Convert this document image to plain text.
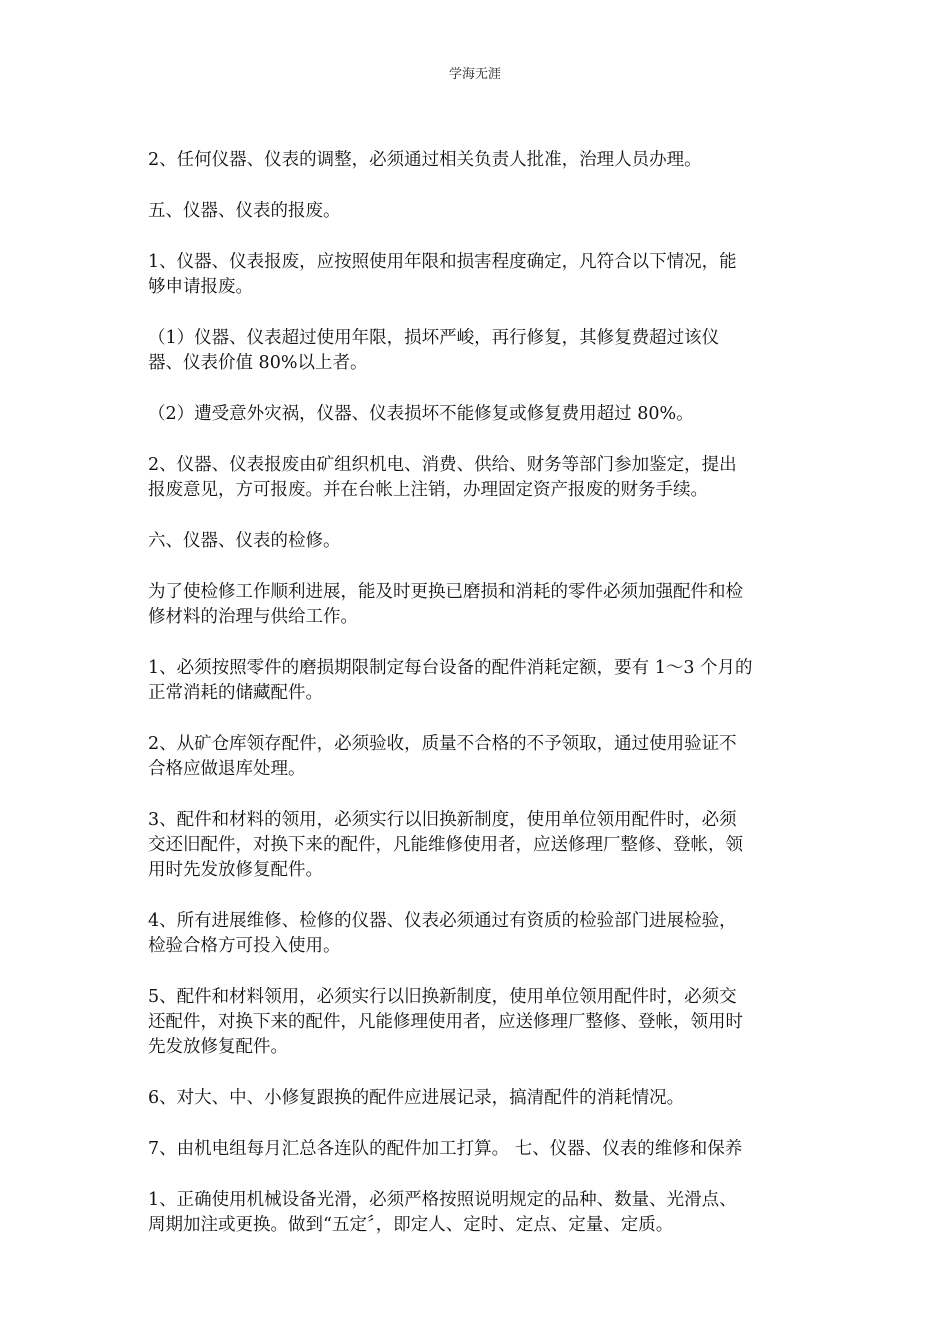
学海无涯

2、任何仪器、仪表的调整，必须通过相关负责人批准，治理人员办理。

五、仪器、仪表的报废。

1、仪器、仪表报废，应按照使用年限和损害程度确定，凡符合以下情况，能
够申请报废。

（1）仪器、仪表超过使用年限，损坏严峻，再行修复，其修复费超过该仪
器、仪表价值 80%以上者。

（2）遭受意外灾祸，仪器、仪表损坏不能修复或修复费用超过 80%。

2、仪器、仪表报废由矿组织机电、消费、供给、财务等部门参加鉴定，提出
报废意见，方可报废。并在台帐上注销，办理固定资产报废的财务手续。

六、仪器、仪表的检修。

为了使检修工作顺利进展，能及时更换已磨损和消耗的零件必须加强配件和检
修材料的治理与供给工作。

1、必须按照零件的磨损期限制定每台设备的配件消耗定额，要有 1～3 个月的
正常消耗的储藏配件。

2、从矿仓库领存配件，必须验收，质量不合格的不予领取，通过使用验证不
合格应做退库处理。

3、配件和材料的领用，必须实行以旧换新制度，使用单位领用配件时，必须
交还旧配件，对换下来的配件，凡能维修使用者，应送修理厂整修、登帐，领
用时先发放修复配件。

4、所有进展维修、检修的仪器、仪表必须通过有资质的检验部门进展检验，
检验合格方可投入使用。

5、配件和材料领用，必须实行以旧换新制度，使用单位领用配件时，必须交
还配件，对换下来的配件，凡能修理使用者，应送修理厂整修、登帐，领用时
先发放修复配件。

6、对大、中、小修复跟换的配件应进展记录，搞清配件的消耗情况。

7、由机电组每月汇总各连队的配件加工打算。 七、仪器、仪表的维修和保养

1、正确使用机械设备光滑，必须严格按照说明规定的品种、数量、光滑点、
周期加注或更换。做到“五定〞，即定人、定时、定点、定量、定质。
